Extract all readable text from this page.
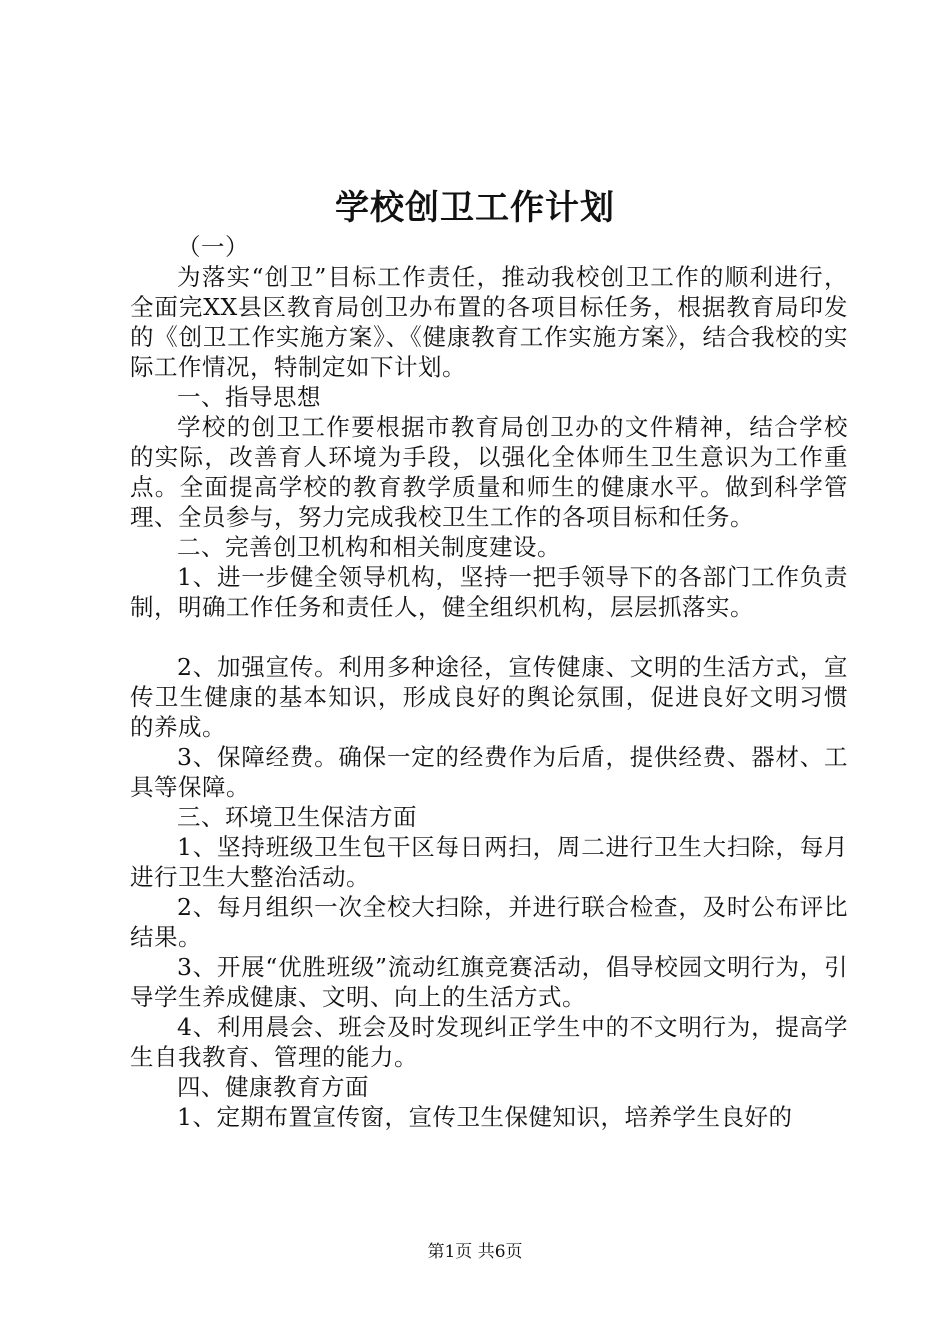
学校创卫工作计划

（一）

为落实“创卫”目标工作责任，推动我校创卫工作的顺利进行，全面完XX县区教育局创卫办布置的各项目标任务，根据教育局印发的《创卫工作实施方案》、《健康教育工作实施方案》，结合我校的实际工作情况，特制定如下计划。

一、指导思想

学校的创卫工作要根据市教育局创卫办的文件精神，结合学校的实际，改善育人环境为手段，以强化全体师生卫生意识为工作重点。全面提高学校的教育教学质量和师生的健康水平。做到科学管理、全员参与，努力完成我校卫生工作的各项目标和任务。

二、完善创卫机构和相关制度建设。

1、进一步健全领导机构，坚持一把手领导下的各部门工作负责制，明确工作任务和责任人，健全组织机构，层层抓落实。

2、加强宣传。利用多种途径，宣传健康、文明的生活方式，宣传卫生健康的基本知识，形成良好的舆论氛围，促进良好文明习惯的养成。

3、保障经费。确保一定的经费作为后盾，提供经费、器材、工具等保障。

三、环境卫生保洁方面

1、坚持班级卫生包干区每日两扫，周二进行卫生大扫除，每月进行卫生大整治活动。

2、每月组织一次全校大扫除，并进行联合检查，及时公布评比结果。

3、开展“优胜班级”流动红旗竞赛活动，倡导校园文明行为，引导学生养成健康、文明、向上的生活方式。

4、利用晨会、班会及时发现纠正学生中的不文明行为，提高学生自我教育、管理的能力。

四、健康教育方面

1、定期布置宣传窗，宣传卫生保健知识，培养学生良好的

第1页 共6页
